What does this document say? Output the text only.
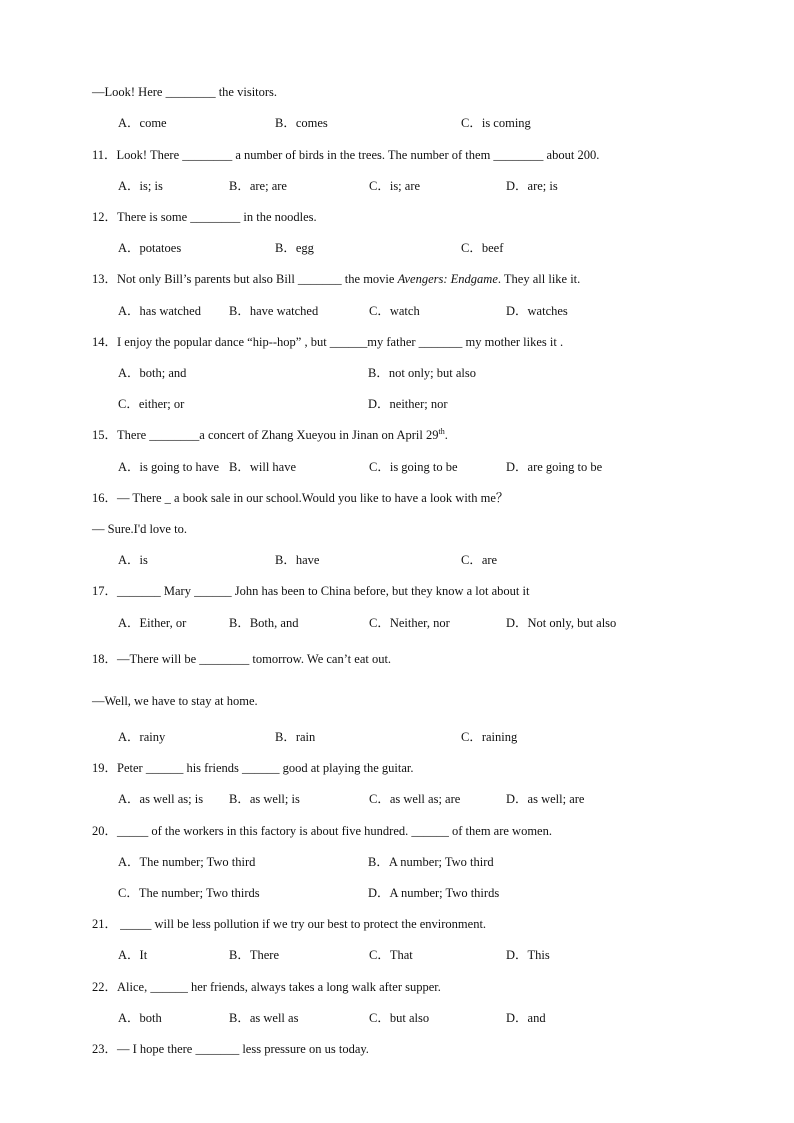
—Look! Here ________ the visitors.
A．come	B．comes	C．is coming
11．Look! There ________ a number of birds in the trees. The number of them ________ about 200.
A．is; is	B．are; are	C．is; are	D．are; is
12．There is some ________ in the noodles.
A．potatoes	B．egg	C．beef
13．Not only Bill’s parents but also Bill _______ the movie Avengers: Endgame. They all like it.
A．has watched B．have watched	C．watch	D．watches
14．I enjoy the popular dance “hip--hop” , but ______my father _______ my mother likes it .
A．both; and	B．not only; but also
C．either; or	D．neither; nor
15．There ________a concert of Zhang Xueyou in Jinan on April 29th.
A．is going to have B．will have	C．is going to be	D．are going to be
16．— There _ a book sale in our school.Would you like to have a look with me？
— Sure.I'd love to.
A．is	B．have	C．are
17．_______ Mary ______ John has been to China before, but they know a lot about it
A．Either, or	B．Both, and	C．Neither, nor	D．Not only, but also
18．—There will be ________ tomorrow. We can’t eat out.
—Well, we have to stay at home.
A．rainy	B．rain	C．raining
19．Peter ______ his friends ______ good at playing the guitar.
A．as well as; is B．as well; is	C．as well as; are	D．as well; are
20．_____ of the workers in this factory is about five hundred. ______ of them are women.
A．The number; Two third	B．A number; Two third
C．The number; Two thirds	D．A number; Two thirds
21． _____ will be less pollution if we try our best to protect the environment.
A．It	B．There	C．That	D．This
22．Alice, ______ her friends, always takes a long walk after supper.
A．both	B．as well as	C．but also	D．and
23．— I hope there _______ less pressure on us today.
